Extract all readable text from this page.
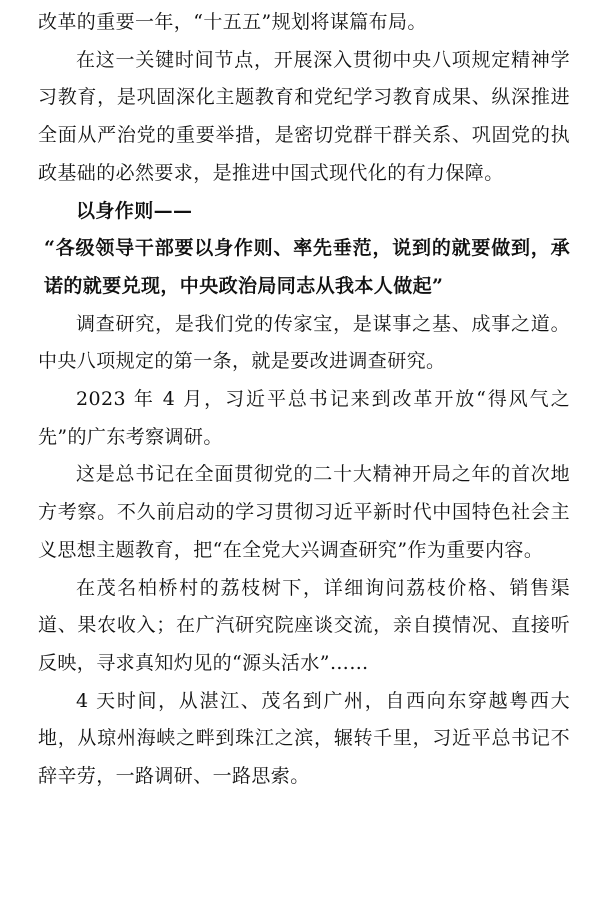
改革的重要一年，“十五五”规划将谋篇布局。

在这一关键时间节点，开展深入贯彻中央八项规定精神学习教育，是巩固深化主题教育和党纪学习教育成果、纵深推进全面从严治党的重要举措，是密切党群干群关系、巩固党的执政基础的必然要求，是推进中国式现代化的有力保障。

以身作则——

“各级领导干部要以身作则、率先垂范，说到的就要做到，承诺的就要兑现，中央政治局同志从我本人做起”

调查研究，是我们党的传家宝，是谋事之基、成事之道。中央八项规定的第一条，就是要改进调查研究。

2023 年 4 月，习近平总书记来到改革开放“得风气之先”的广东考察调研。

这是总书记在全面贯彻党的二十大精神开局之年的首次地方考察。不久前启动的学习贯彻习近平新时代中国特色社会主义思想主题教育，把“在全党大兴调查研究”作为重要内容。

在茂名柏桥村的荔枝树下，详细询问荔枝价格、销售渠道、果农收入；在广汽研究院座谈交流，亲自摸情况、直接听反映，寻求真知灼见的“源头活水”……

4 天时间，从湛江、茂名到广州，自西向东穿越粤西大地，从琼州海峡之畔到珠江之滨，辗转千里，习近平总书记不辞辛劳，一路调研、一路思索。
